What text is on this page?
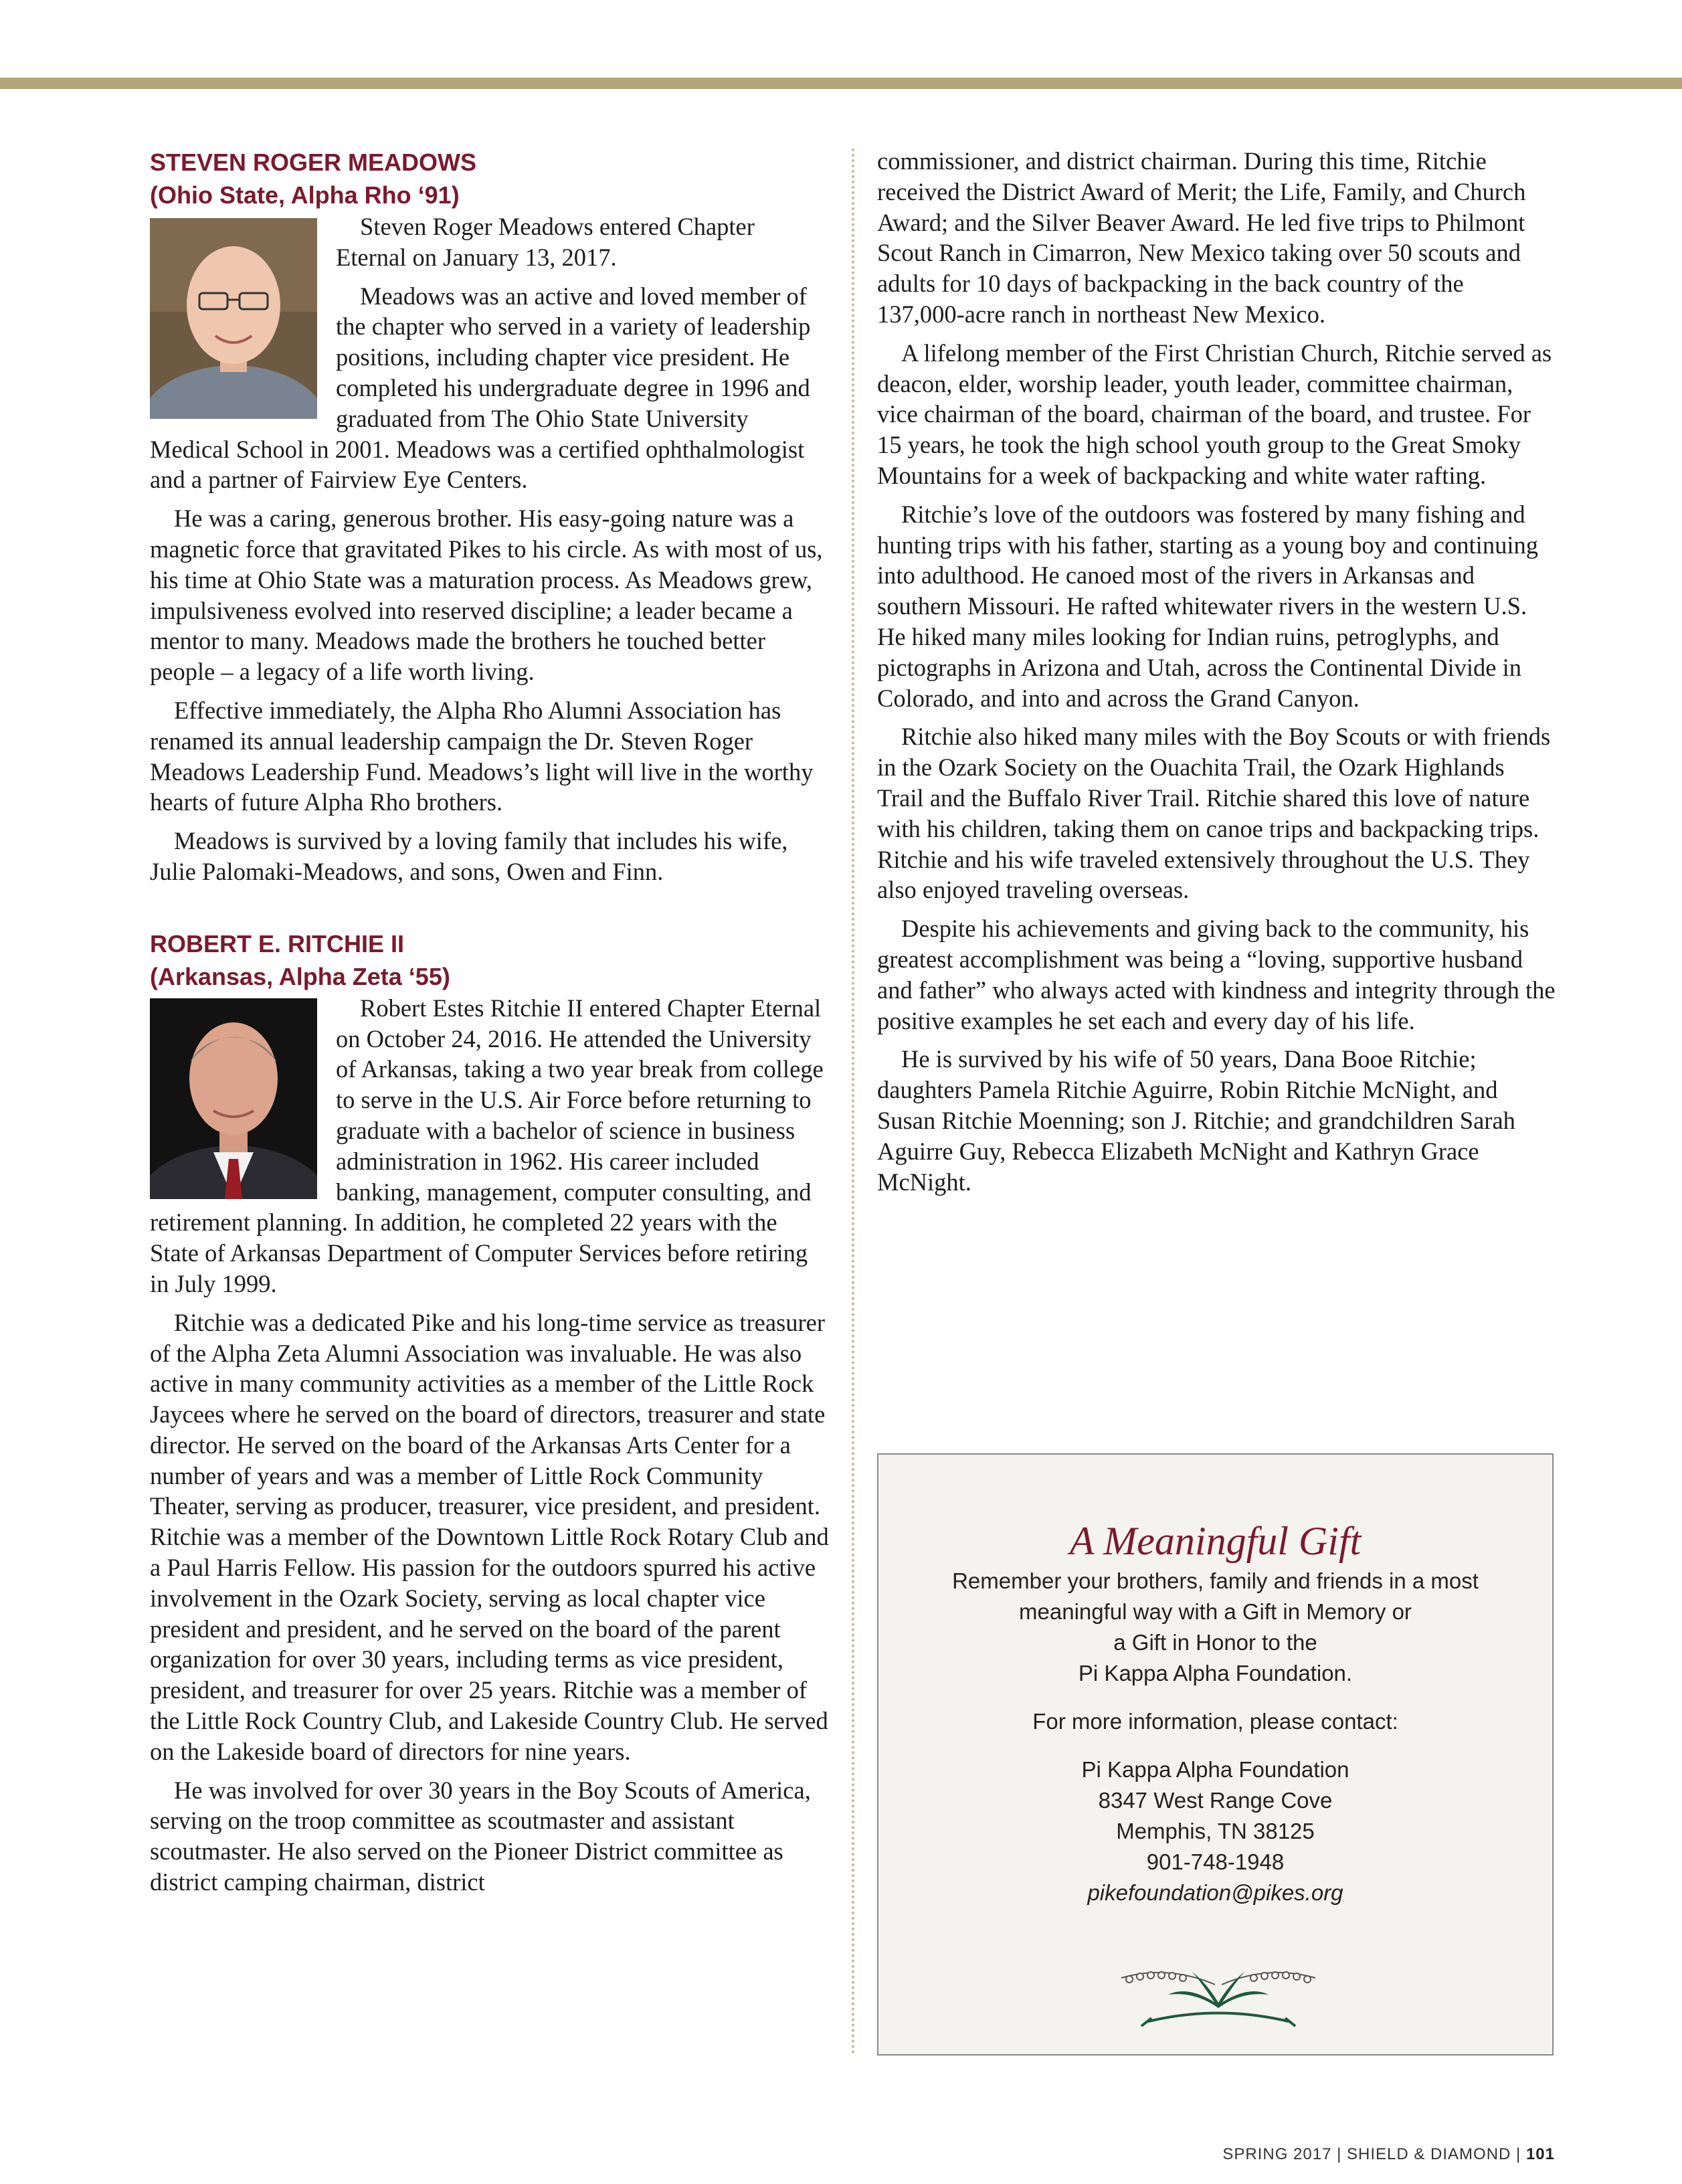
STEVEN ROGER MEADOWS
(Ohio State, Alpha Rho ‘91)

Steven Roger Meadows entered Chapter Eternal on January 13, 2017.

Meadows was an active and loved member of the chapter who served in a variety of leadership positions, including chapter vice president. He completed his undergraduate degree in 1996 and graduated from The Ohio State University Medical School in 2001. Meadows was a certified ophthalmologist and a partner of Fairview Eye Centers.

He was a caring, generous brother. His easy-going nature was a magnetic force that gravitated Pikes to his circle. As with most of us, his time at Ohio State was a maturation process. As Meadows grew, impulsiveness evolved into reserved discipline; a leader became a mentor to many. Meadows made the brothers he touched better people – a legacy of a life worth living.

Effective immediately, the Alpha Rho Alumni Association has renamed its annual leadership campaign the Dr. Steven Roger Meadows Leadership Fund. Meadows’s light will live in the worthy hearts of future Alpha Rho brothers.

Meadows is survived by a loving family that includes his wife, Julie Palomaki-Meadows, and sons, Owen and Finn.

ROBERT E. RITCHIE II
(Arkansas, Alpha Zeta ‘55)

Robert Estes Ritchie II entered Chapter Eternal on October 24, 2016. He attended the University of Arkansas, taking a two year break from college to serve in the U.S. Air Force before returning to graduate with a bachelor of science in business administration in 1962. His career included banking, management, computer consulting, and retirement planning. In addition, he completed 22 years with the State of Arkansas Department of Computer Services before retiring in July 1999.

Ritchie was a dedicated Pike and his long-time service as treasurer of the Alpha Zeta Alumni Association was invaluable. He was also active in many community activities as a member of the Little Rock Jaycees where he served on the board of directors, treasurer and state director. He served on the board of the Arkansas Arts Center for a number of years and was a member of Little Rock Community Theater, serving as producer, treasurer, vice president, and president. Ritchie was a member of the Downtown Little Rock Rotary Club and a Paul Harris Fellow. His passion for the outdoors spurred his active involvement in the Ozark Society, serving as local chapter vice president and president, and he served on the board of the parent organization for over 30 years, including terms as vice president, president, and treasurer for over 25 years. Ritchie was a member of the Little Rock Country Club, and Lakeside Country Club. He served on the Lakeside board of directors for nine years.

He was involved for over 30 years in the Boy Scouts of America, serving on the troop committee as scoutmaster and assistant scoutmaster. He also served on the Pioneer District committee as district camping chairman, district

commissioner, and district chairman. During this time, Ritchie received the District Award of Merit; the Life, Family, and Church Award; and the Silver Beaver Award. He led five trips to Philmont Scout Ranch in Cimarron, New Mexico taking over 50 scouts and adults for 10 days of backpacking in the back country of the 137,000-acre ranch in northeast New Mexico.

A lifelong member of the First Christian Church, Ritchie served as deacon, elder, worship leader, youth leader, committee chairman, vice chairman of the board, chairman of the board, and trustee. For 15 years, he took the high school youth group to the Great Smoky Mountains for a week of backpacking and white water rafting.

Ritchie’s love of the outdoors was fostered by many fishing and hunting trips with his father, starting as a young boy and continuing into adulthood. He canoed most of the rivers in Arkansas and southern Missouri. He rafted whitewater rivers in the western U.S. He hiked many miles looking for Indian ruins, petroglyphs, and pictographs in Arizona and Utah, across the Continental Divide in Colorado, and into and across the Grand Canyon.

Ritchie also hiked many miles with the Boy Scouts or with friends in the Ozark Society on the Ouachita Trail, the Ozark Highlands Trail and the Buffalo River Trail. Ritchie shared this love of nature with his children, taking them on canoe trips and backpacking trips. Ritchie and his wife traveled extensively throughout the U.S. They also enjoyed traveling overseas.

Despite his achievements and giving back to the community, his greatest accomplishment was being a “loving, supportive husband and father” who always acted with kindness and integrity through the positive examples he set each and every day of his life.

He is survived by his wife of 50 years, Dana Booe Ritchie; daughters Pamela Ritchie Aguirre, Robin Ritchie McNight, and Susan Ritchie Moenning; son J. Ritchie; and grandchildren Sarah Aguirre Guy, Rebecca Elizabeth McNight and Kathryn Grace McNight.

A Meaningful Gift
Remember your brothers, family and friends in a most
meaningful way with a Gift in Memory or
a Gift in Honor to the
Pi Kappa Alpha Foundation.
For more information, please contact:
Pi Kappa Alpha Foundation
8347 West Range Cove
Memphis, TN 38125
901-748-1948
pikefoundation@pikes.org
SPRING 2017 | SHIELD & DIAMOND | 101
